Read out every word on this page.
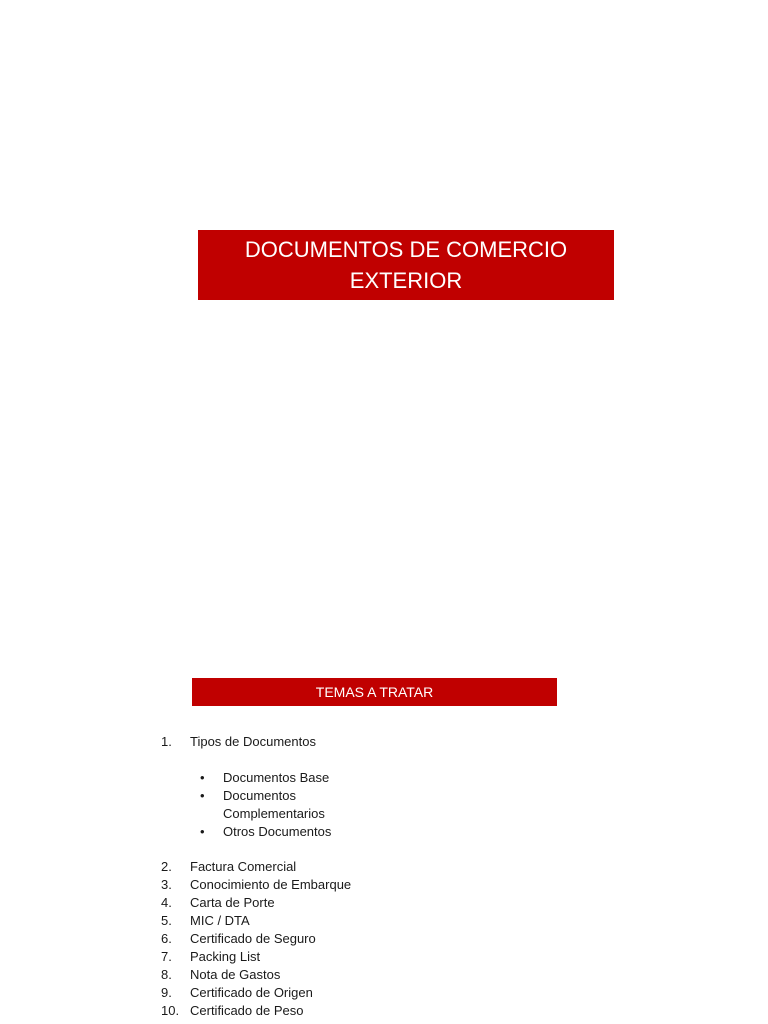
DOCUMENTOS DE COMERCIO EXTERIOR
TEMAS A TRATAR
1. Tipos de Documentos
• Documentos Base
• Documentos Complementarios
• Otros Documentos
2. Factura Comercial
3. Conocimiento de Embarque
4. Carta de Porte
5. MIC / DTA
6. Certificado de Seguro
7. Packing List
8. Nota de Gastos
9. Certificado de Origen
10. Certificado de Peso
